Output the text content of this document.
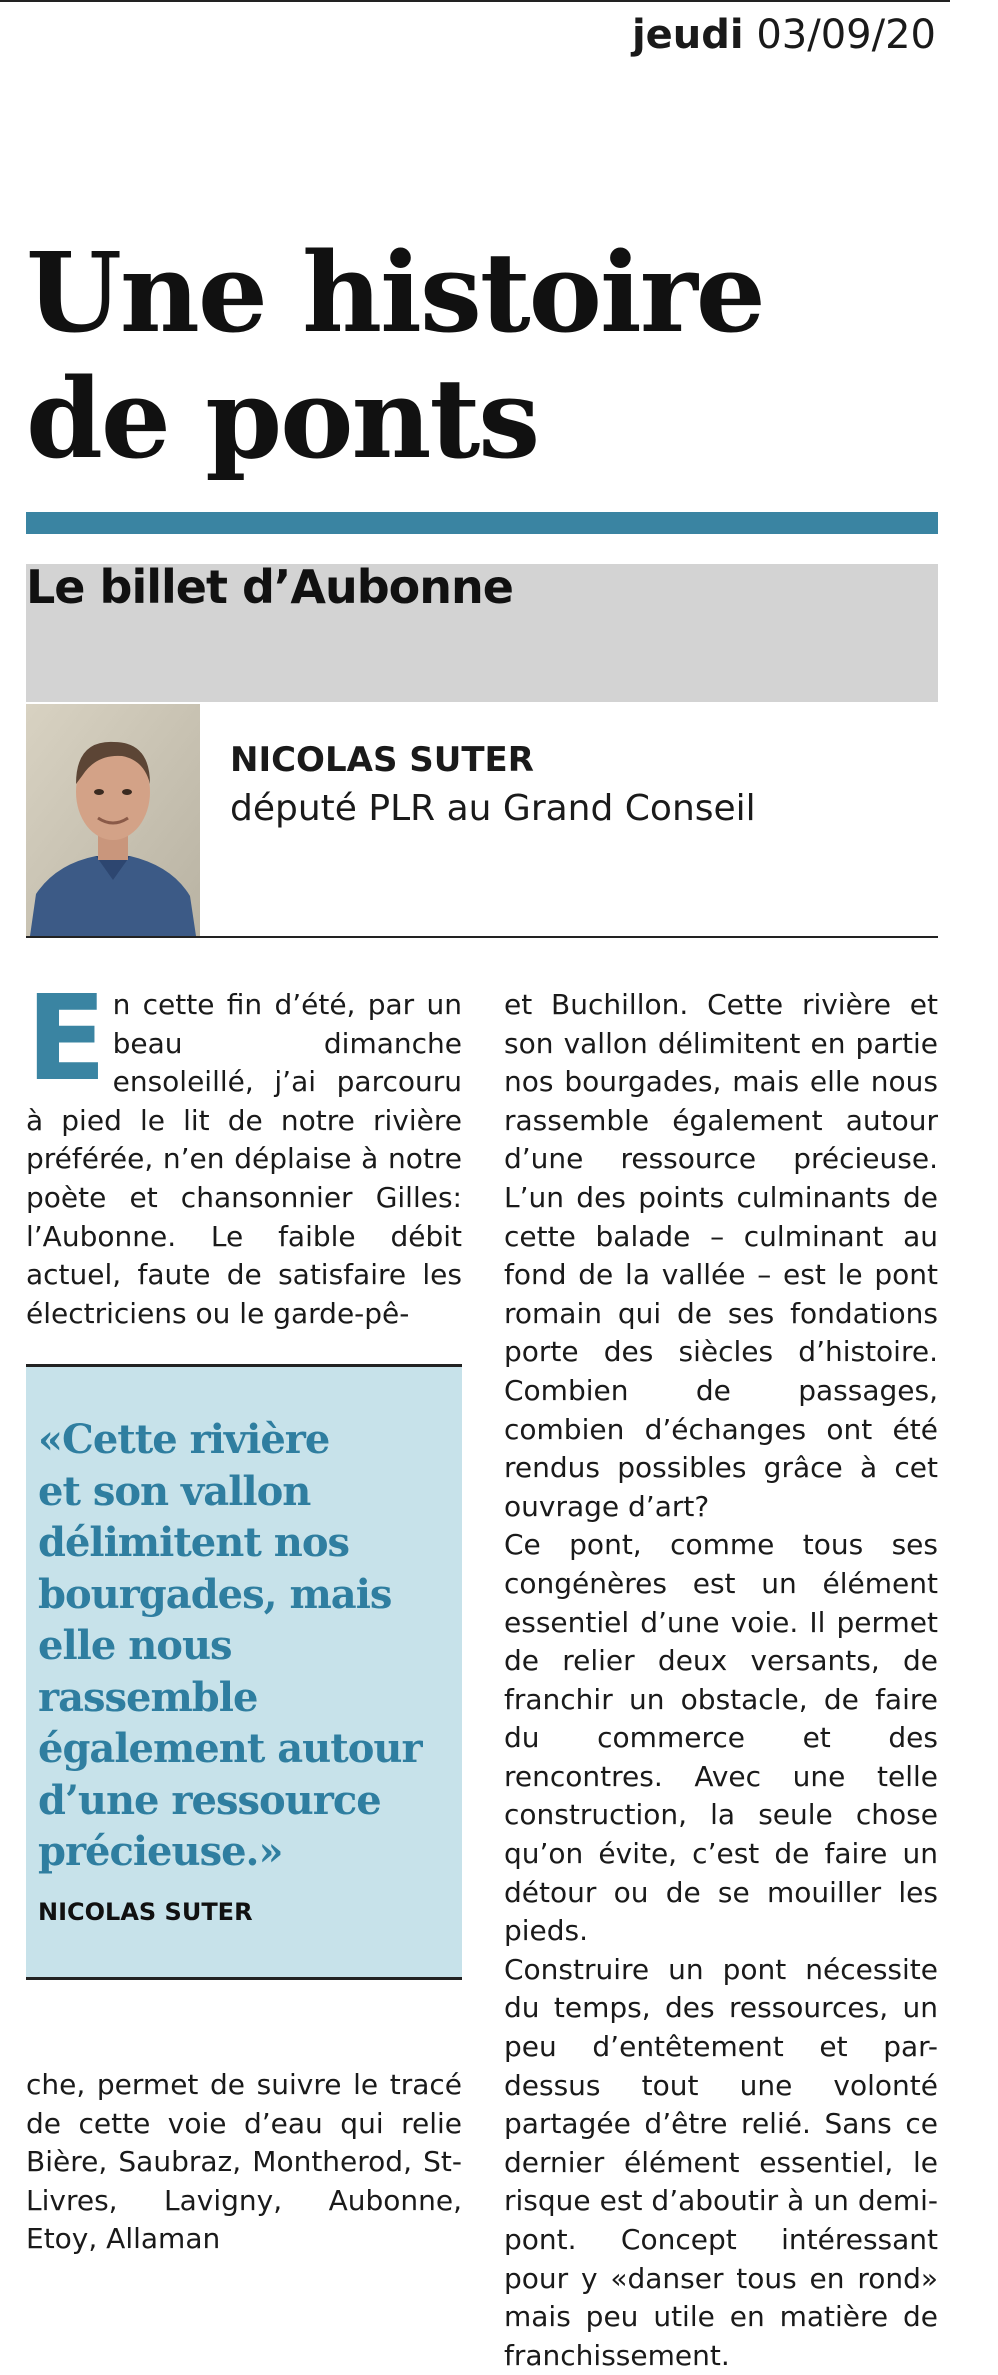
jeudi 03/09/20
Une histoire
de ponts
Le billet d’Aubonne
NICOLAS SUTER
député PLR au Grand Conseil
En cette fin d’été, par un beau dimanche ensoleillé, j’ai parcouru à pied le lit de notre rivière préférée, n’en déplaise à notre poète et chansonnier Gilles: l’Aubonne. Le faible débit actuel, faute de satisfaire les électriciens ou le garde-pê-
«Cette rivière
et son vallon
délimitent nos
bourgades, mais
elle nous
rassemble
également autour
d’une ressource
précieuse.»
NICOLAS SUTER
che, permet de suivre le tracé de cette voie d’eau qui relie Bière, Saubraz, Montherod, St-Livres, Lavigny, Aubonne, Etoy, Allaman
et Buchillon. Cette rivière et son vallon délimitent en partie nos bourgades, mais elle nous rassemble également autour d’une ressource précieuse. L’un des points culminants de cette balade – culminant au fond de la vallée – est le pont romain qui de ses fondations porte des siècles d’histoire. Combien de passages, combien d’échanges ont été rendus possibles grâce à cet ouvrage d’art?
Ce pont, comme tous ses congénères est un élément essentiel d’une voie. Il permet de relier deux versants, de franchir un obstacle, de faire du commerce et des rencontres. Avec une telle construction, la seule chose qu’on évite, c’est de faire un détour ou de se mouiller les pieds.
Construire un pont nécessite du temps, des ressources, un peu d’entêtement et par-dessus tout une volonté partagée d’être relié. Sans ce dernier élément essentiel, le risque est d’aboutir à un demi-pont. Concept intéressant pour y «danser tous en rond» mais peu utile en matière de franchissement.
